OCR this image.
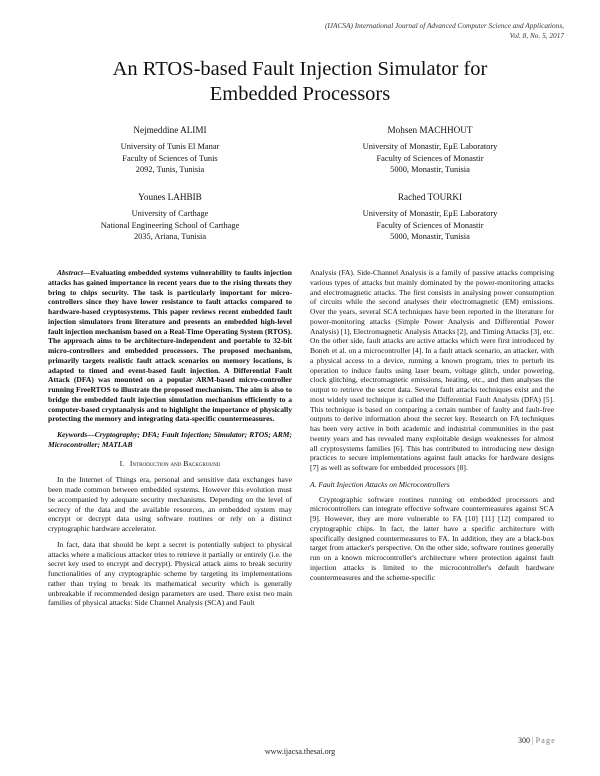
(IJACSA) International Journal of Advanced Computer Science and Applications,
Vol. 8, No. 5, 2017
An RTOS-based Fault Injection Simulator for
Embedded Processors
Nejmeddine ALIMI
University of Tunis El Manar
Faculty of Sciences of Tunis
2092, Tunis, Tunisia
Mohsen MACHHOUT
University of Monastir, EμE Laboratory
Faculty of Sciences of Monastir
5000, Monastir, Tunisia
Younes LAHBIB
University of Carthage
National Engineering School of Carthage
2035, Ariana, Tunisia
Rached TOURKI
University of Monastir, EμE Laboratory
Faculty of Sciences of Monastir
5000, Monastir, Tunisia

Abstract—Evaluating embedded systems vulnerability to faults injection attacks has gained importance in recent years due to the rising threats they bring to chips security. The task is particularly important for micro-controllers since they have lower resistance to fault attacks compared to hardware-based cryptosystems. This paper reviews recent embedded fault injection simulators from literature and presents an embedded high-level fault injection mechanism based on a Real-Time Operating System (RTOS). The approach aims to be architecture-independent and portable to 32-bit micro-controllers and embedded processors. The proposed mechanism, primarily targets realistic fault attack scenarios on memory locations, is adapted to timed and event-based fault injection. A Differential Fault Attack (DFA) was mounted on a popular ARM-based micro-controller running FreeRTOS to illustrate the proposed mechanism. The aim is also to bridge the embedded fault injection simulation mechanism efficiently to a computer-based cryptanalysis and to highlight the importance of physically protecting the memory and integrating data-specific countermeasures.

Keywords—Cryptography; DFA; Fault Injection; Simulator; RTOS; ARM; Microcontroller; MATLAB

I. Introduction and Background

In the Internet of Things era, personal and sensitive data exchanges have been made common between embedded systems. However this evolution must be accompanied by adequate security mechanisms. Depending on the level of secrecy of the data and the available resources, an embedded system may encrypt or decrypt data using software routines or rely on a distinct cryptographic hardware accelerator.

In fact, data that should be kept a secret is potentially subject to physical attacks where a malicious attacker tries to retrieve it partially or entirely (i.e. the secret key used to encrypt and decrypt). Physical attack aims to break security functionalities of any cryptographic scheme by targeting its implementations rather than trying to break its mathematical security which is generally unbreakable if recommended design parameters are used. There exist two main families of physical attacks: Side Channel Analysis (SCA) and Fault

Analysis (FA). Side-Channel Analysis is a family of passive attacks comprising various types of attacks but mainly dominated by the power-monitoring attacks and electromagnetic attacks. The first consists in analysing power consumption of circuits while the second analyses their electromagnetic (EM) emissions. Over the years, several SCA techniques have been reported in the literature for power-monitoring attacks (Simple Power Analysis and Differential Power Analysis) [1], Electromagnetic Analysis Attacks [2], and Timing Attacks [3], etc. On the other side, fault attacks are active attacks which were first introduced by Boneh et al. on a microcontroller [4]. In a fault attack scenario, an attacker, with a physical access to a device, running a known program, tries to perturb its operation to induce faults using laser beam, voltage glitch, under powering, clock glitching, electromagnetic emissions, heating, etc., and then analyses the output to retrieve the secret data. Several fault attacks techniques exist and the most widely used technique is called the Differential Fault Analysis (DFA) [5]. This technique is based on comparing a certain number of faulty and fault-free outputs to derive information about the secret key. Research on FA techniques has been very active in both academic and industrial communities in the past twenty years and has revealed many exploitable design weaknesses for almost all cryptosystems families [6]. This has contributed to introducing new design practices to secure implementations against fault attacks for hardware designs [7] as well as software for embedded processors [8].

A. Fault Injection Attacks on Microcontrollers

Cryptographic software routines running on embedded processors and microcontrollers can integrate effective software countermeasures against SCA [9]. However, they are more vulnerable to FA [10] [11] [12] compared to cryptographic chips. In fact, the latter have a specific architecture with specifically designed countermeasures to FA. In addition, they are a black-box target from attacker's perspective. On the other side, software routines generally run on a known microcontroller's architecture where protection against fault injection attacks is limited to the microcontroller's default hardware countermeasures and the scheme-specific

300 | Page
www.ijacsa.thesai.org
